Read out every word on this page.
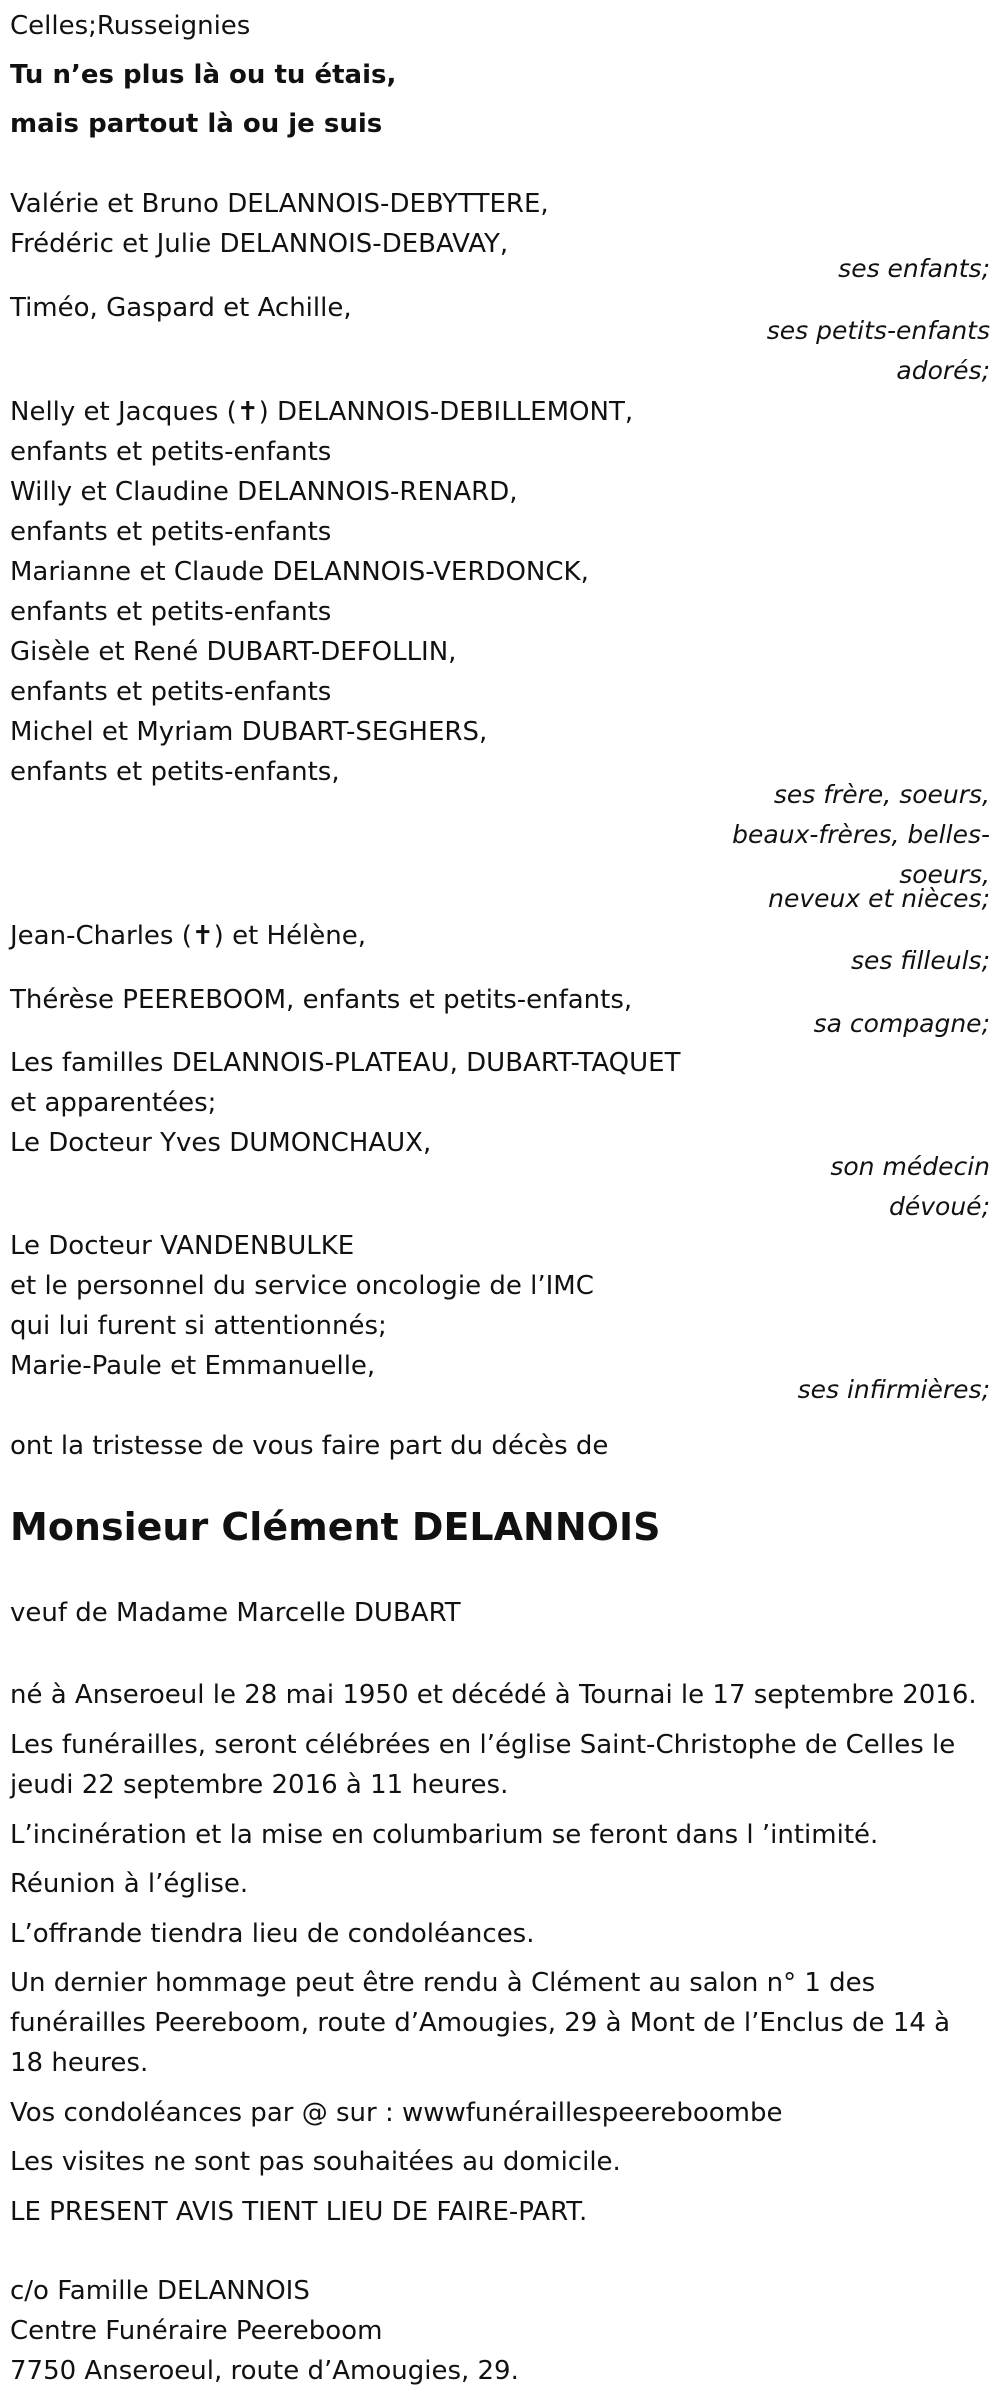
Celles;Russeignies
Tu n’es plus là ou tu étais,
mais partout là ou je suis
Valérie et Bruno DELANNOIS-DEBYTTERE,
Frédéric et Julie DELANNOIS-DEBAVAY,
ses enfants;
Timéo, Gaspard et Achille,
ses petits-enfants
adorés;
Nelly et Jacques (✝) DELANNOIS-DEBILLEMONT,
enfants et petits-enfants
Willy et Claudine DELANNOIS-RENARD,
enfants et petits-enfants
Marianne et Claude DELANNOIS-VERDONCK,
enfants et petits-enfants
Gisèle et René DUBART-DEFOLLIN,
enfants et petits-enfants
Michel et Myriam DUBART-SEGHERS,
enfants et petits-enfants,
ses frère, soeurs,
beaux-frères, belles-
soeurs,
neveux et nièces;
Jean-Charles (✝) et Hélène,
ses filleuls;
Thérèse PEEREBOOM, enfants et petits-enfants,
sa compagne;
Les familles DELANNOIS-PLATEAU, DUBART-TAQUET
et apparentées;
Le Docteur Yves DUMONCHAUX,
son médecin
dévoué;
Le Docteur VANDENBULKE
et le personnel du service oncologie de l’IMC
qui lui furent si attentionnés;
Marie-Paule et Emmanuelle,
ses infirmières;
ont la tristesse de vous faire part du décès de
Monsieur Clément DELANNOIS
veuf de Madame Marcelle DUBART
né à Anseroeul le 28 mai 1950 et décédé à Tournai le 17 septembre 2016.
Les funérailles, seront célébrées en l’église Saint-Christophe de Celles le
jeudi 22 septembre 2016 à 11 heures.
L’incinération et la mise en columbarium se feront dans l ’intimité.
Réunion à l’église.
L’offrande tiendra lieu de condoléances.
Un dernier hommage peut être rendu à Clément au salon n° 1 des
funérailles Peereboom, route d’Amougies, 29 à Mont de l’Enclus de 14 à
18 heures.
Vos condoléances par @ sur : wwwfunéraillespeereboombe
Les visites ne sont pas souhaitées au domicile.
LE PRESENT AVIS TIENT LIEU DE FAIRE-PART.
c/o Famille DELANNOIS
Centre Funéraire Peereboom
7750 Anseroeul, route d’Amougies, 29.
